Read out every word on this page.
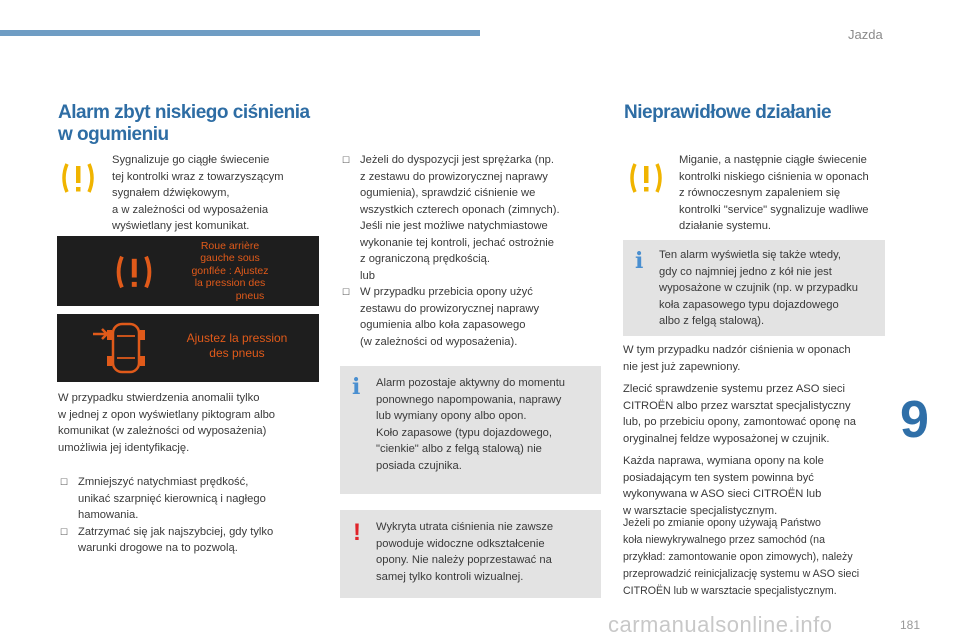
Jazda
Alarm zbyt niskiego ciśnienia w ogumieniu
Sygnalizuje go ciągłe świecenie
tej kontrolki wraz z towarzyszącym
sygnałem dźwiękowym,
a w zależności od wyposażenia
wyświetlany jest komunikat.
Roue arrière
gauche sous
gonflée : Ajustez
la pression des
pneus
Ajustez la pression
des pneus
W przypadku stwierdzenia anomalii tylko
w jednej z opon wyświetlany piktogram albo
komunikat (w zależności od wyposażenia)
umożliwia jej identyfikację.
☐ Zmniejszyć natychmiast prędkość,
unikać szarpnięć kierownicą i nagłego
hamowania.
☐ Zatrzymać się jak najszybciej, gdy tylko
warunki drogowe na to pozwolą.
☐ Jeżeli do dyspozycji jest sprężarka (np.
z zestawu do prowizorycznej naprawy
ogumienia), sprawdzić ciśnienie we
wszystkich czterech oponach (zimnych).
Jeśli nie jest możliwe natychmiastowe
wykonanie tej kontroli, jechać ostrożnie
z ograniczoną prędkością.
lub
☐ W przypadku przebicia opony użyć
zestawu do prowizorycznej naprawy
ogumienia albo koła zapasowego
(w zależności od wyposażenia).
i Alarm pozostaje aktywny do momentu
ponownego napompowania, naprawy
lub wymiany opony albo opon.
Koło zapasowe (typu dojazdowego,
"cienkie" albo z felgą stalową) nie
posiada czujnika.
! Wykryta utrata ciśnienia nie zawsze
powoduje widoczne odkształcenie
opony. Nie należy poprzestawać na
samej tylko kontroli wizualnej.
Nieprawidłowe działanie
Miganie, a następnie ciągłe świecenie
kontrolki niskiego ciśnienia w oponach
z równoczesnym zapaleniem się
kontrolki "service" sygnalizuje wadliwe
działanie systemu.
i Ten alarm wyświetla się także wtedy,
gdy co najmniej jedno z kół nie jest
wyposażone w czujnik (np. w przypadku
koła zapasowego typu dojazdowego
albo z felgą stalową).
W tym przypadku nadzór ciśnienia w oponach
nie jest już zapewniony.
Zlecić sprawdzenie systemu przez ASO sieci
CITROËN albo przez warsztat specjalistyczny
lub, po przebiciu opony, zamontować oponę na
oryginalnej feldze wyposażonej w czujnik.
Każda naprawa, wymiana opony na kole
posiadającym ten system powinna być
wykonywana w ASO sieci CITROËN lub
w warsztacie specjalistycznym.
Jeżeli po zmianie opony używają Państwo
koła niewykrywalnego przez samochód (na
przykład: zamontowanie opon zimowych), należy
przeprowadzić reinicjalizację systemu w ASO sieci
CITROËN lub w warsztacie specjalistycznym.
9
carmanualsonline.info	181
